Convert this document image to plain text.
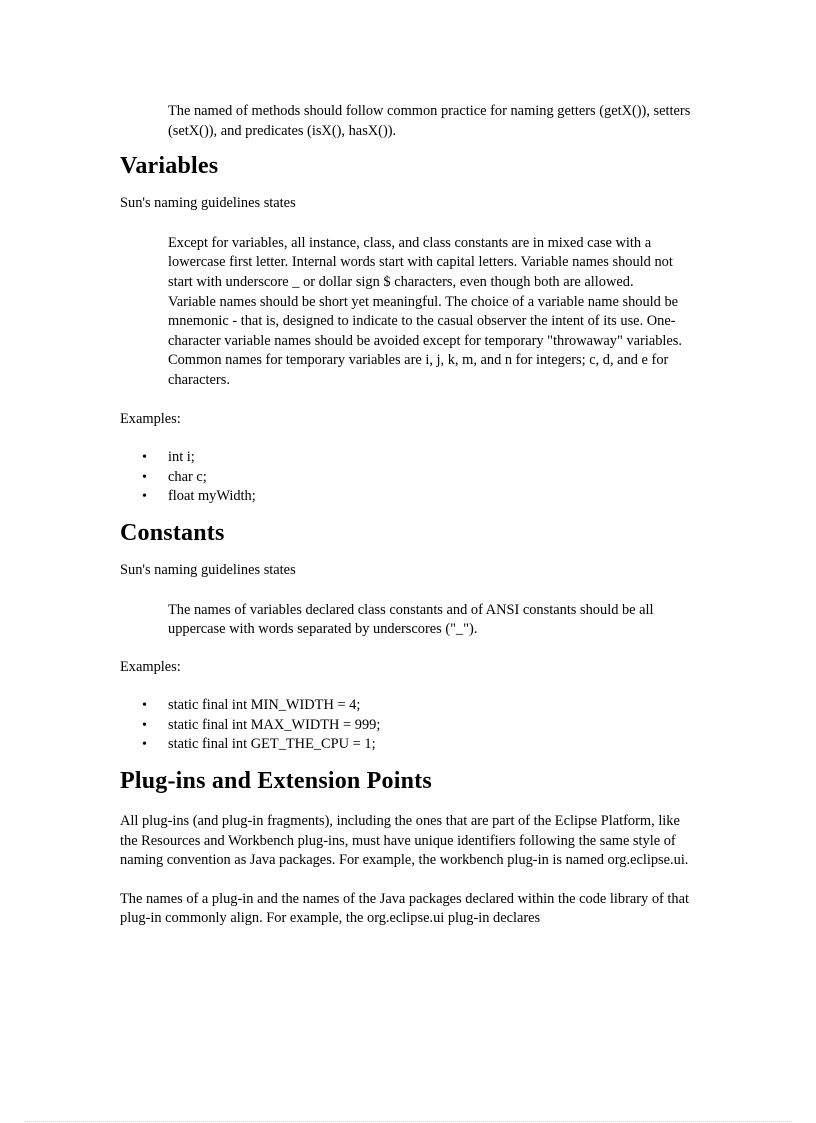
The named of methods should follow common practice for naming getters (getX()), setters (setX()), and predicates (isX(), hasX()).

Variables

Sun's naming guidelines states

Except for variables, all instance, class, and class constants are in mixed case with a lowercase first letter. Internal words start with capital letters. Variable names should not start with underscore _ or dollar sign $ characters, even though both are allowed.

Variable names should be short yet meaningful. The choice of a variable name should be mnemonic - that is, designed to indicate to the casual observer the intent of its use. One-character variable names should be avoided except for temporary "throwaway" variables. Common names for temporary variables are i, j, k, m, and n for integers; c, d, and e for characters.

Examples:

• int i;
• char c;
• float myWidth;
Constants

Sun's naming guidelines states

The names of variables declared class constants and of ANSI constants should be all uppercase with words separated by underscores ("_").

Examples:

• static final int MIN_WIDTH = 4;
• static final int MAX_WIDTH = 999;
• static final int GET_THE_CPU = 1;
Plug-ins and Extension Points

All plug-ins (and plug-in fragments), including the ones that are part of the Eclipse Platform, like the Resources and Workbench plug-ins, must have unique identifiers following the same style of naming convention as Java packages. For example, the workbench plug-in is named org.eclipse.ui.

The names of a plug-in and the names of the Java packages declared within the code library of that plug-in commonly align. For example, the org.eclipse.ui plug-in declares
